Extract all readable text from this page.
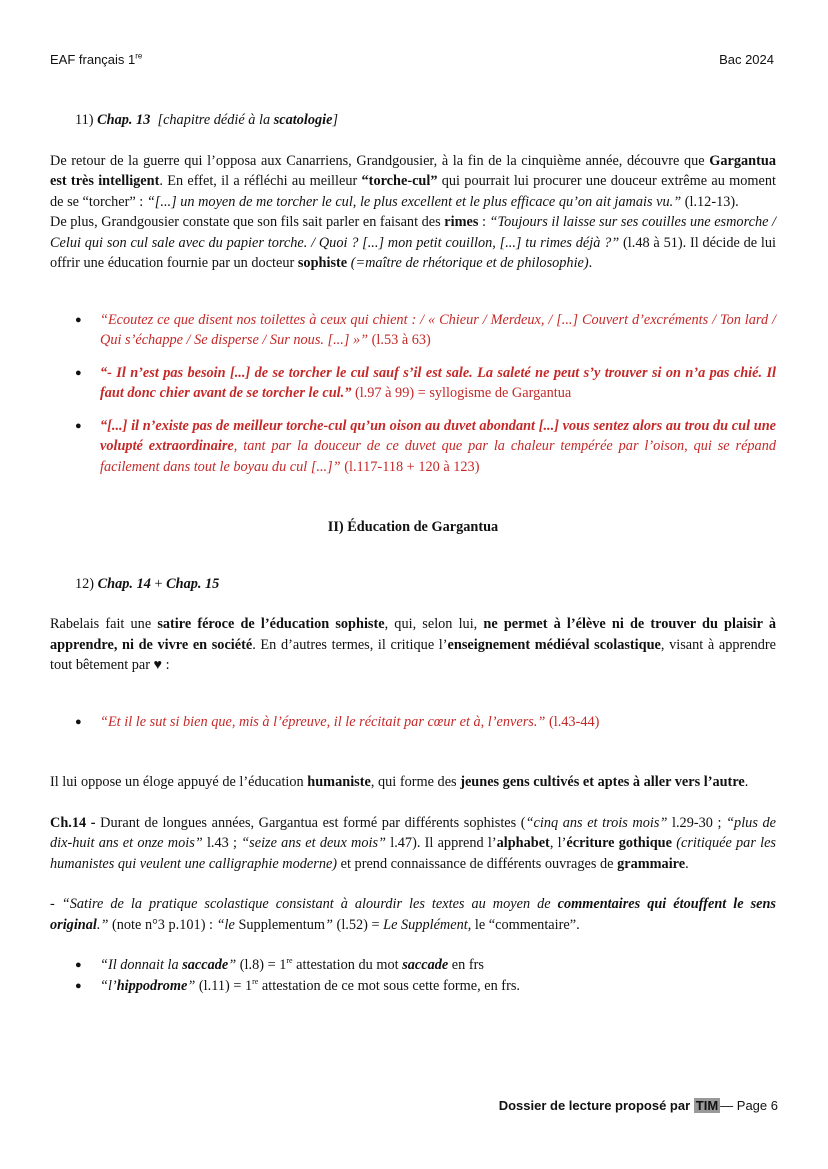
EAF français 1re	Bac 2024

11) Chap. 13 [chapitre dédié à la scatologie]

De retour de la guerre qui l’opposa aux Canarriens, Grandgousier, à la fin de la cinquième année, découvre que Gargantua est très intelligent. En effet, il a réfléchi au meilleur “torche-cul” qui pourrait lui procurer une douceur extrême au moment de se “torcher” : “[...] un moyen de me torcher le cul, le plus excellent et le plus efficace qu’on ait jamais vu.” (l.12-13).

De plus, Grandgousier constate que son fils sait parler en faisant des rimes : “Toujours il laisse sur ses couilles une esmorche / Celui qui son cul sale avec du papier torche. / Quoi ? [...] mon petit couillon, [...] tu rimes déjà ?” (l.48 à 51). Il décide de lui offrir une éducation fournie par un docteur sophiste (=maître de rhétorique et de philosophie).

● “Ecoutez ce que disent nos toilettes à ceux qui chient : / « Chieur / Merdeux, / [...] Couvert d’excréments / Ton lard / Qui s’échappe / Se disperse / Sur nous. [...] »” (l.53 à 63)
● “- Il n’est pas besoin [...] de se torcher le cul sauf s’il est sale. La saleté ne peut s’y trouver si on n’a pas chié. Il faut donc chier avant de se torcher le cul.” (l.97 à 99) = syllogisme de Gargantua
● “[...] il n’existe pas de meilleur torche-cul qu’un oison au duvet abondant [...] vous sentez alors au trou du cul une volupté extraordinaire, tant par la douceur de ce duvet que par la chaleur tempérée par l’oison, qui se répand facilement dans tout le boyau du cul [...]” (l.117-118 + 120 à 123)

II) Éducation de Gargantua

12) Chap. 14 + Chap. 15

Rabelais fait une satire féroce de l’éducation sophiste, qui, selon lui, ne permet à l’élève ni de trouver du plaisir à apprendre, ni de vivre en société. En d’autres termes, il critique l’enseignement médiéval scolastique, visant à apprendre tout bêtement par ♥ :

● “Et il le sut si bien que, mis à l’épreuve, il le récitait par cœur et à, l’envers.” (l.43-44)

Il lui oppose un éloge appuyé de l’éducation humaniste, qui forme des jeunes gens cultivés et aptes à aller vers l’autre.

Ch.14 - Durant de longues années, Gargantua est formé par différents sophistes (“cinq ans et trois mois” l.29-30 ; “plus de dix-huit ans et onze mois” l.43 ; “seize ans et deux mois” l.47). Il apprend l’alphabet, l’écriture gothique (critiquée par les humanistes qui veulent une calligraphie moderne) et prend connaissance de différents ouvrages de grammaire.

- “Satire de la pratique scolastique consistant à alourdir les textes au moyen de commentaires qui étouffent le sens original.” (note n°3 p.101) : “le Supplementum” (l.52) = Le Supplément, le “commentaire”.

● “Il donnait la saccade” (l.8) = 1re attestation du mot saccade en frs
● “l’hippodrome” (l.11) = 1re attestation de ce mot sous cette forme, en frs.
Dossier de lecture proposé par TIM — Page 6
